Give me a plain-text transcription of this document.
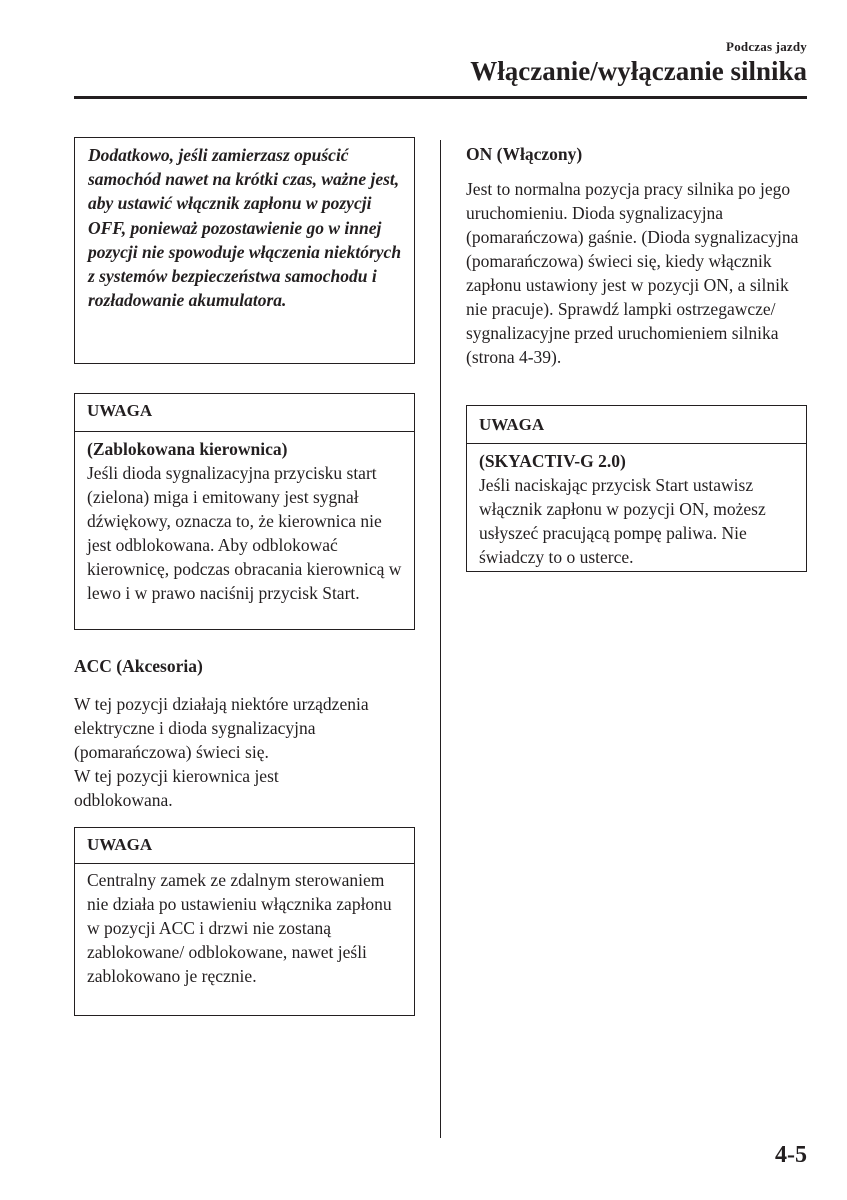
Podczas jazdy
Włączanie/wyłączanie silnika

Dodatkowo, jeśli zamierzasz opuścić samochód nawet na krótki czas, ważne jest, aby ustawić włącznik zapłonu w pozycji OFF, ponieważ pozostawienie go w innej pozycji nie spowoduje włączenia niektórych z systemów bezpieczeństwa samochodu i rozładowanie akumulatora.

UWAGA
(Zablokowana kierownica)

Jeśli dioda sygnalizacyjna przycisku start (zielona) miga i emitowany jest sygnał dźwiękowy, oznacza to, że kierownica nie jest odblokowana. Aby odblokować kierownicę, podczas obracania kierownicą w lewo i w prawo naciśnij przycisk Start.

ACC (Akcesoria)

W tej pozycji działają niektóre urządzenia elektryczne i dioda sygnalizacyjna (pomarańczowa) świeci się.

W tej pozycji kierownica jest odblokowana.

UWAGA

Centralny zamek ze zdalnym sterowaniem nie działa po ustawieniu włącznika zapłonu w pozycji ACC i drzwi nie zostaną zablokowane/ odblokowane, nawet jeśli zablokowano je ręcznie.

ON (Włączony)

Jest to normalna pozycja pracy silnika po jego uruchomieniu. Dioda sygnalizacyjna (pomarańczowa) gaśnie. (Dioda sygnalizacyjna (pomarańczowa) świeci się, kiedy włącznik zapłonu ustawiony jest w pozycji ON, a silnik nie pracuje). Sprawdź lampki ostrzegawcze/ sygnalizacyjne przed uruchomieniem silnika (strona 4-39).

UWAGA
(SKYACTIV-G 2.0)

Jeśli naciskając przycisk Start ustawisz włącznik zapłonu w pozycji ON, możesz usłyszeć pracującą pompę paliwa. Nie świadczy to o usterce.

4-5
